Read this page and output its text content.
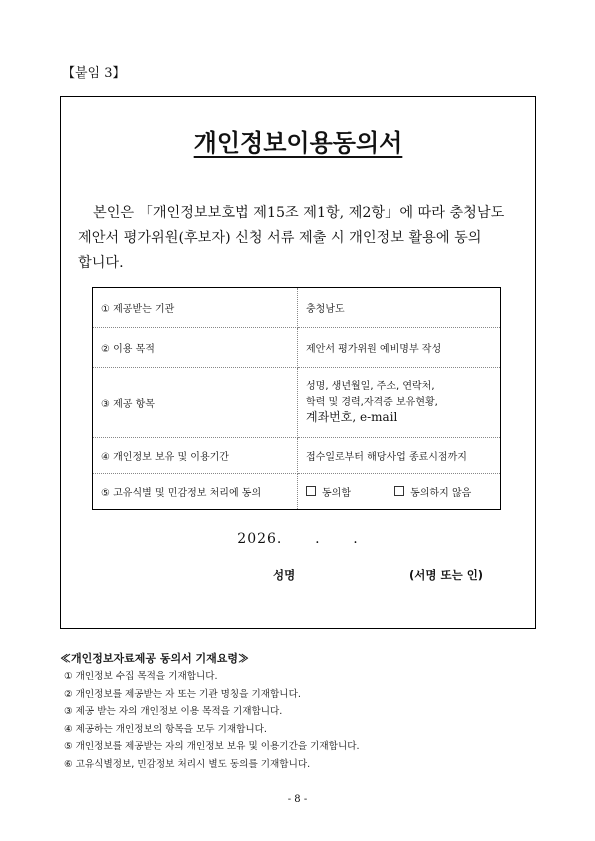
【붙임 3】
개인정보이용동의서

본인은 「개인정보보호법 제15조 제1항, 제2항」에 따라 충청남도
제안서 평가위원(후보자) 신청 서류 제출 시 개인정보 활용에 동의
합니다.

① 제공받는 기관	충청남도
② 이용 목적	제안서 평가위원 예비명부 작성
③ 제공 항목	성명, 생년월일, 주소, 연락처,
학력 및 경력,자격증 보유현황,
계좌번호, e-mail

④ 개인정보 보유 및 이용기간	접수일로부터 해당사업 종료시점까지
⑤ 고유식별 및 민감정보 처리에 동의	동의함
동의하지 않음
2026.      .      .
성명	(서명 또는 인)
≪개인정보자료제공 동의서 기재요령≫
① 개인정보 수집 목적을 기재합니다.
② 개인정보를 제공받는 자 또는 기관 명칭을 기재합니다.
③ 제공 받는 자의 개인정보 이용 목적을 기재합니다.
④ 제공하는 개인정보의 항목을 모두 기재합니다.
⑤ 개인정보를 제공받는 자의 개인정보 보유 및 이용기간을 기재합니다.
⑥ 고유식별정보, 민감정보 처리시 별도 동의를 기재합니다.
- 8 -
